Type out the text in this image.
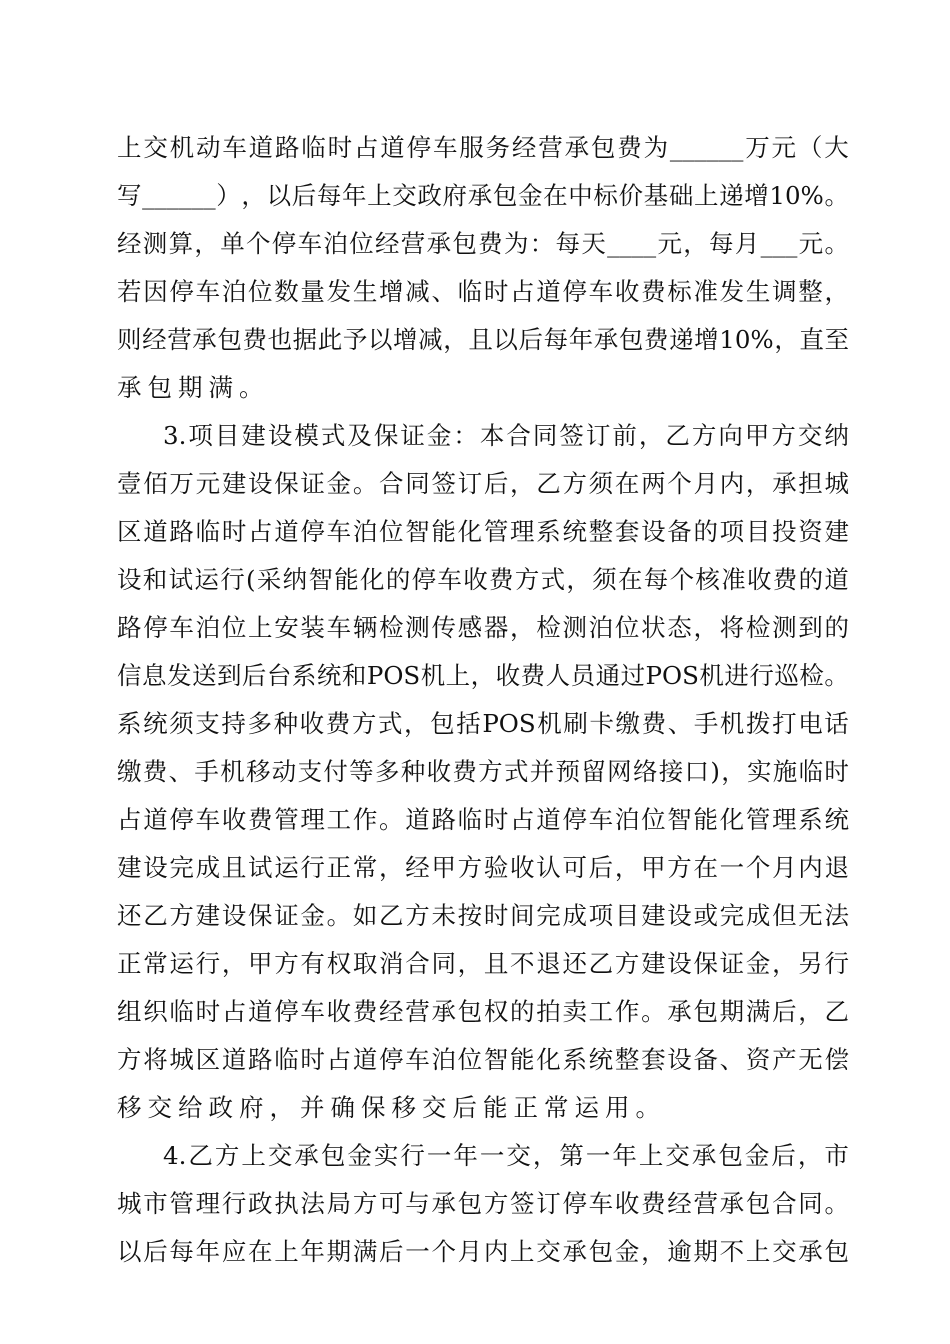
上 交 机 动 车 道 路 临 时 占 道 停 车 服 务 经 营 承 包 费 为 ______ 万 元 （ 大
写 ______ ） ， 以 后 每 年 上 交 政 府 承 包 金 在 中 标 价 基 础 上 递 增 10% 。
经 测 算 ， 单 个 停 车 泊 位 经 营 承 包 费 为 ： 每 天 ____ 元 ， 每 月 ___ 元 。
若 因 停 车 泊 位 数 量 发 生 增 减 、 临 时 占 道 停 车 收 费 标 准 发 生 调 整 ，
则 经 营 承 包 费 也 据 此 予 以 增 减 ， 且 以 后 每 年 承 包 费 递 增 10% ， 直 至
承包期满。
3. 项 目 建 设 模 式 及 保 证 金 ： 本 合 同 签 订 前 ， 乙 方 向 甲 方 交 纳
壹 佰 万 元 建 设 保 证 金 。 合 同 签 订 后 ， 乙 方 须 在 两 个 月 内 ， 承 担 城
区 道 路 临 时 占 道 停 车 泊 位 智 能 化 管 理 系 统 整 套 设 备 的 项 目 投 资 建
设 和 试 运 行 ( 采 纳 智 能 化 的 停 车 收 费 方 式 ， 须 在 每 个 核 准 收 费 的 道
路 停 车 泊 位 上 安 装 车 辆 检 测 传 感 器 ， 检 测 泊 位 状 态 ， 将 检 测 到 的
信 息 发 送 到 后 台 系 统 和 POS 机 上 ， 收 费 人 员 通 过 POS 机 进 行 巡 检 。
系 统 须 支 持 多 种 收 费 方 式 ， 包 括 POS 机 刷 卡 缴 费 、 手 机 拨 打 电 话
缴 费 、 手 机 移 动 支 付 等 多 种 收 费 方 式 并 预 留 网 络 接 口 ) ， 实 施 临 时
占 道 停 车 收 费 管 理 工 作 。 道 路 临 时 占 道 停 车 泊 位 智 能 化 管 理 系 统
建 设 完 成 且 试 运 行 正 常 ， 经 甲 方 验 收 认 可 后 ， 甲 方 在 一 个 月 内 退
还 乙 方 建 设 保 证 金 。 如 乙 方 未 按 时 间 完 成 项 目 建 设 或 完 成 但 无 法
正 常 运 行 ， 甲 方 有 权 取 消 合 同 ， 且 不 退 还 乙 方 建 设 保 证 金 ， 另 行
组 织 临 时 占 道 停 车 收 费 经 营 承 包 权 的 拍 卖 工 作 。 承 包 期 满 后 ， 乙
方 将 城 区 道 路 临 时 占 道 停 车 泊 位 智 能 化 系 统 整 套 设 备 、 资 产 无 偿
移交给政府，并确保移交后能正常运用。
4. 乙 方 上 交 承 包 金 实 行 一 年 一 交 ， 第 一 年 上 交 承 包 金 后 ， 市
城 市 管 理 行 政 执 法 局 方 可 与 承 包 方 签 订 停 车 收 费 经 营 承 包 合 同 。
以 后 每 年 应 在 上 年 期 满 后 一 个 月 内 上 交 承 包 金 ， 逾 期 不 上 交 承 包
